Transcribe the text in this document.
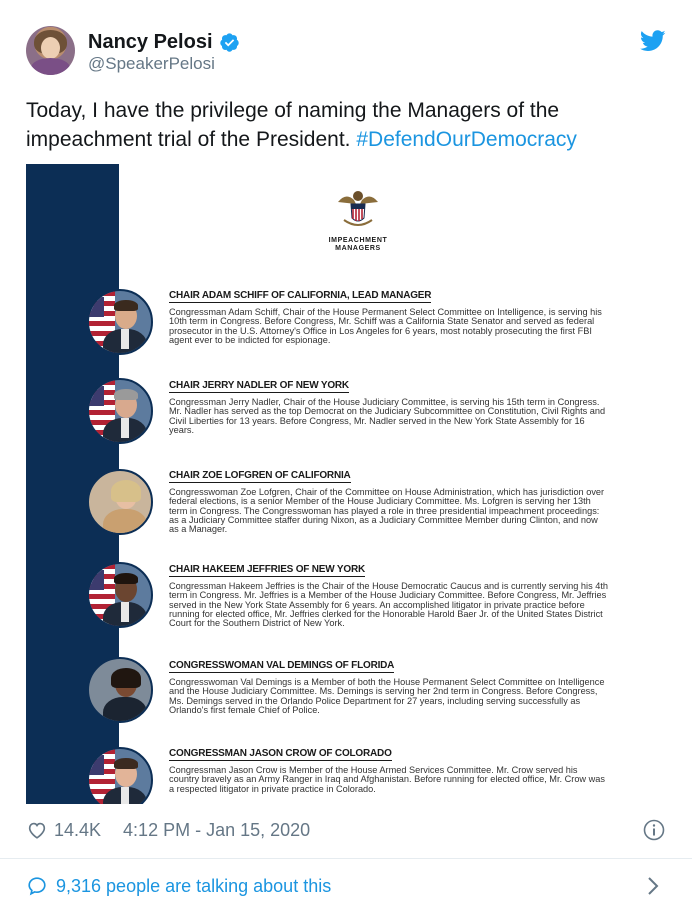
Nancy Pelosi
@SpeakerPelosi
Today, I have the privilege of naming the Managers of the impeachment trial of the President. #DefendOurDemocracy
IMPEACHMENT
MANAGERS
CHAIR ADAM SCHIFF OF CALIFORNIA, LEAD MANAGER
Congressman Adam Schiff, Chair of the House Permanent Select Committee on Intelligence, is serving his 10th term in Congress. Before Congress, Mr. Schiff was a California State Senator and served as federal prosecutor in the U.S. Attorney's Office in Los Angeles for 6 years, most notably prosecuting the first FBI agent ever to be indicted for espionage.
CHAIR JERRY NADLER OF NEW YORK
Congressman Jerry Nadler, Chair of the House Judiciary Committee, is serving his 15th term in Congress. Mr. Nadler has served as the top Democrat on the Judiciary Subcommittee on Constitution, Civil Rights and Civil Liberties for 13 years. Before Congress, Mr. Nadler served in the New York State Assembly for 16 years.
CHAIR ZOE LOFGREN OF CALIFORNIA
Congresswoman Zoe Lofgren, Chair of the Committee on House Administration, which has jurisdiction over federal elections, is a senior Member of the House Judiciary Committee. Ms. Lofgren is serving her 13th term in Congress. The Congresswoman has played a role in three presidential impeachment proceedings: as a Judiciary Committee staffer during Nixon, as a Judiciary Committee Member during Clinton, and now as a Manager.
CHAIR HAKEEM JEFFRIES OF NEW YORK
Congressman Hakeem Jeffries is the Chair of the House Democratic Caucus and is currently serving his 4th term in Congress. Mr. Jeffries is a Member of the House Judiciary Committee. Before Congress, Mr. Jeffries served in the New York State Assembly for 6 years. An accomplished litigator in private practice before running for elected office, Mr. Jeffries clerked for the Honorable Harold Baer Jr. of the United States District Court for the Southern District of New York.
CONGRESSWOMAN VAL DEMINGS OF FLORIDA
Congresswoman Val Demings is a Member of both the House Permanent Select Committee on Intelligence and the House Judiciary Committee. Ms. Demings is serving her 2nd term in Congress. Before Congress, Ms. Demings served in the Orlando Police Department for 27 years, including serving successfully as Orlando's first female Chief of Police.
CONGRESSMAN JASON CROW OF COLORADO
Congressman Jason Crow is Member of the House Armed Services Committee. Mr. Crow served his country bravely as an Army Ranger in Iraq and Afghanistan. Before running for elected office, Mr. Crow was a respected litigator in private practice in Colorado.
14.4K 4:12 PM - Jan 15, 2020
9,316 people are talking about this
